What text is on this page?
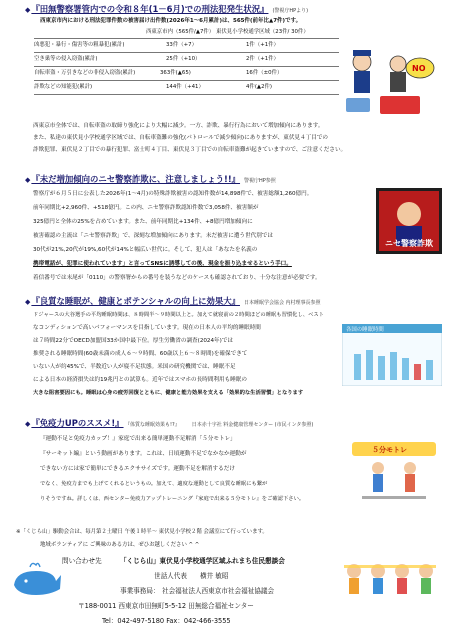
◆『田無警察署管内での令和８年(1－6月)での刑法犯発生状況』 (警視庁HPより)
西東京市内における刑法犯罪件数の被害届け出件数(2026年1～6月累計)は、565件(前年比▲7件)です。
西東京市内（565件/▲7件） 東伏見小学校通学区域（23件/ 30件）
凶悪犯・暴行・傷害等の粗暴犯(累計)	33件（+7）	1件（+1件）
空き巣等の侵入窃盗(累計)	25件（+10）	2件（+1件）
自転車盗・万引きなどの非侵入窃盗(累計)	363件(▲65)	16件（±0件）
詐欺などの知能犯(累計)	144件（+41）	4件(▲2件)
NO
西東京市全体では、自転車盗の取締り強化により大幅に減少。一方、詐欺、暴行行為において増加傾向にあります。
また、私達の東伏見小学校通学区域では、自転車盗難の強化(パトロールで減少傾向)にありますが、東伏見４丁目での
詐欺犯罪、東伏見２丁目での暴行犯罪、富士町４丁目、東伏見３丁目での自転車盗難が起きていますので、ご注意ください。
◆『未だ増加傾向のニセ警察詐欺に、注意しましょう!!』 警視庁HP参照
警察庁が６月５日に公表した2026年(1～4月)の特殊詐欺被害の認知件数が14,898件で、被害総額1,260億円。
前年同期比+2,960件、+518億円。この内、ニセ警察詐欺認知件数で3,058件、被害額が
325億円と全体の25%を占めています。また、前年同期比+134件、+8億円増加傾向に
被害確認の主流は「ニセ警察詐欺」で、深刻な増加傾向にあります。未だ被害に遭う世代別では
30代が21%,20代が19%,60代が14%と幅広い世代に。そして、犯人は「あなたを名義の
携帯電話が、犯罪に使われています」と言ってSNSに誘導しての後、現金を振り込ませるという手口。
着信番号では末尾が「0110」の警察署からの番号を装うなどのケースも確認されており、十分な注意が必要です。
ニセ警察詐欺
◆『良質な睡眠が、健康とポテンシャルの向上に効果大』 日本睡眠学会協会 内村理事長参照
ドジャースの大谷選手の平均睡眠時間は、８時間半～９時間以上と。加えて就寝前の２時間ほどの睡眠も習慣化し、ベスト
なコンディションで高いパフォーマンスを目指しています。現在の日本人の平均的睡眠時間
は７時間22分でOECD加盟国33か国中最下位。厚生労働省の調査(2024年)では
推奨される睡眠時間(60歳未満の成人６～９時間、60歳以上６～８時間)を確保できて
いない人が約45%で、半数近い人が寝不足状態。米国の研究機関では、睡眠不足
による日本の経済損失は約19兆円との試算も。近年ではスマホの長時間利用も睡眠の
大きな阻害要因にも。睡眠は心身の疲労回復とともに、健康と能力効果を支える「効果的な生活習慣」となります
各国の睡眠時間
◆『免疫力UPのススメ!』 『体質な睡眠効果も!?』 日本赤十字社 料金健康管理センター (市民インタ参照)
『運動不足と免疫力カップ！』家庭で出来る簡単運動不足解消「５分モトレ」
『サーキット編』という動画があります。これは、日頃運動不足でなかなか運動が
できない方には家で簡単にできるエクササイズです。運動不足を解消するだけ
でなく、免疫力までも上げてくれるというもの。加えて、適度な運動として良質な睡眠にも繋が
りそうですね。詳しくは、西センター免疫力アップトレーニング『家庭で出来る５分モトレ』をご確認下さい。
５分モトレ
※「くじら山」駆動会合は、毎月第２土曜日 午後１時半～ 東伏見小学校２階 会議室にて行っています。
地域ボランティアに ご興味のある方は、ぜひお越しください ^ ^
問い合わせ先	「くじら山」東伏見小学校通学区域ふれまち住民懇談会
世話人代表 横井 敏昭
事業事務局： 社会福祉法人西東京市社会福祉協議会
〒188-0011 西東京市田無町5-5-12 田無総合福祉センター
Tel：042-497-5180 Fax：042-466-3555
